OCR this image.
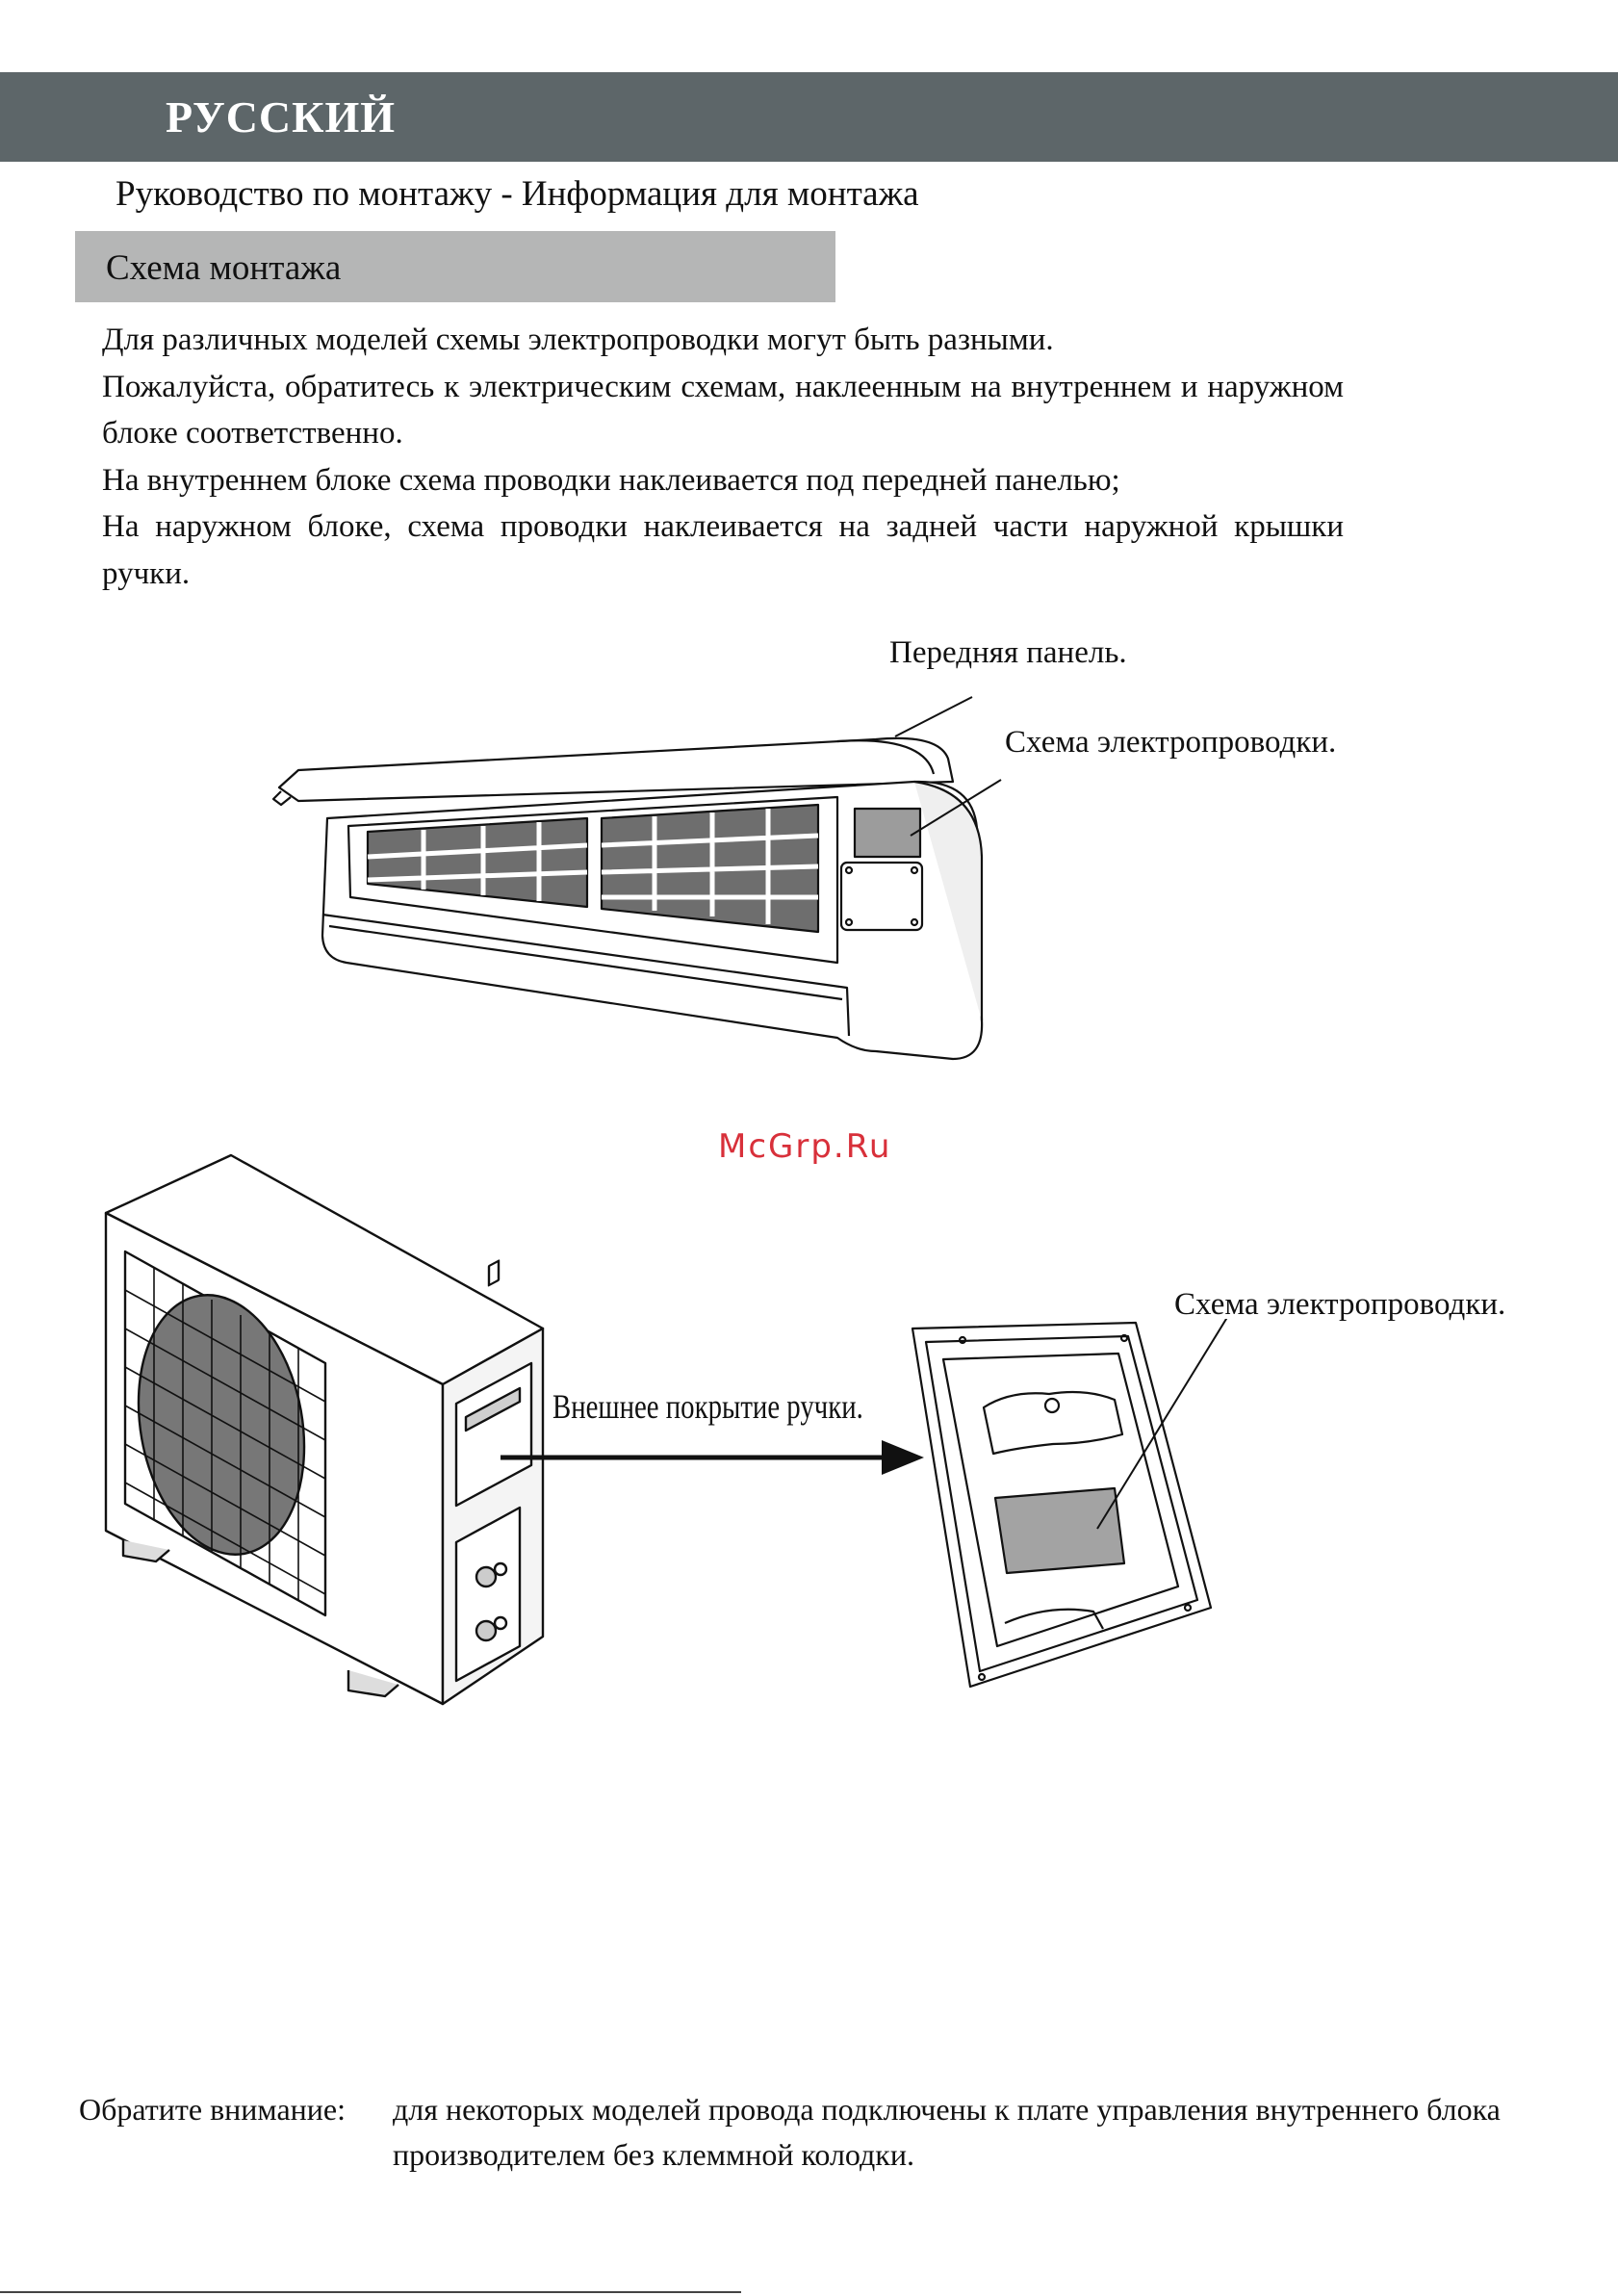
РУССКИЙ
Руководство по монтажу - Информация для монтажа
Схема монтажа

Для различных моделей схемы электропроводки могут быть разными.

Пожалуйста, обратитесь к электрическим схемам, наклеенным на внутреннем и наружном блоке соответственно.

На внутреннем блоке схема проводки наклеивается под передней панелью;

На наружном блоке, схема проводки наклеивается на задней части наружной крышки ручки.

Передняя панель.
Схема электропроводки.
McGrp.Ru
Внешнее покрытие ручки.
Схема электропроводки.
Обратите внимание: для некоторых моделей провода подключены к плате управления внутреннего блока производителем без клеммной колодки.
